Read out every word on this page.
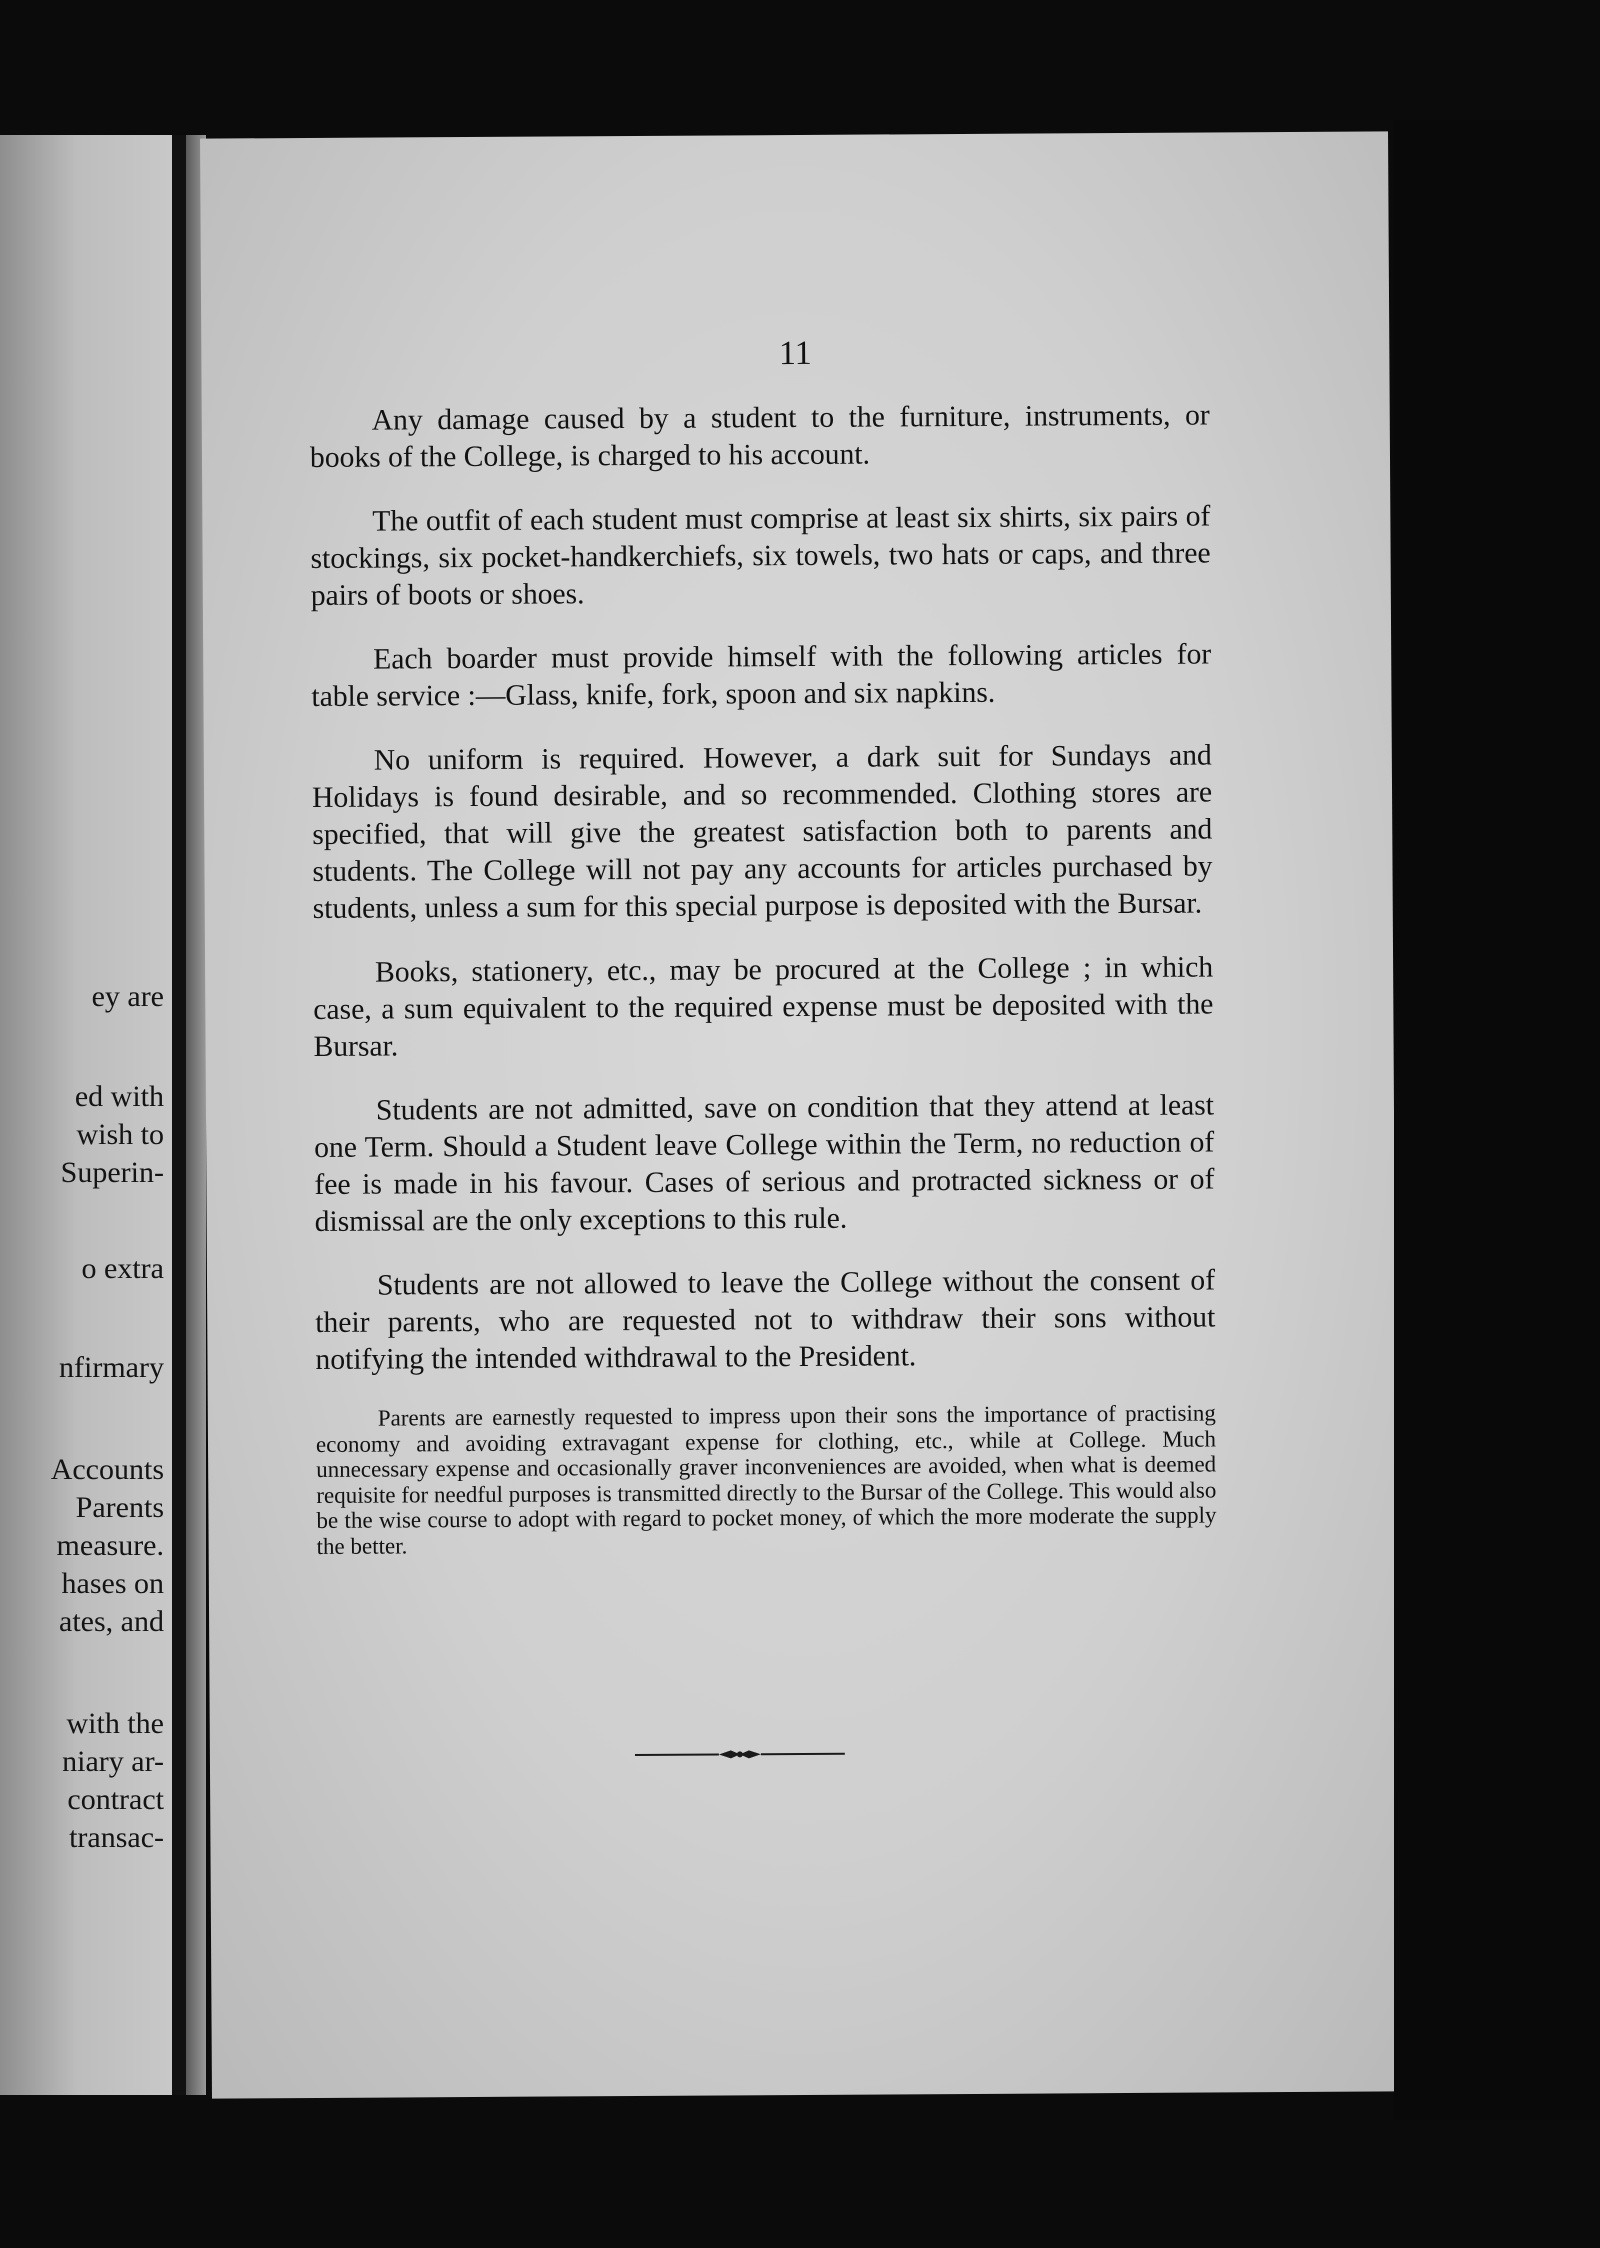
ey are
ed with
wish to
Superin-
o extra
nfirmary
Accounts
Parents
measure.
hases on
ates, and
with the
niary ar-
contract
transac-
11

Any damage caused by a student to the furniture, instruments, or books of the College, is charged to his account.

The outfit of each student must comprise at least six shirts, six pairs of stockings, six pocket-handkerchiefs, six towels, two hats or caps, and three pairs of boots or shoes.

Each boarder must provide himself with the following articles for table service :—Glass, knife, fork, spoon and six napkins.

No uniform is required. However, a dark suit for Sundays and Holidays is found desirable, and so recommended. Clothing stores are specified, that will give the greatest satisfaction both to parents and students. The College will not pay any accounts for articles purchased by students, unless a sum for this special purpose is deposited with the Bursar.

Books, stationery, etc., may be procured at the College ; in which case, a sum equivalent to the required expense must be deposited with the Bursar.

Students are not admitted, save on condition that they attend at least one Term. Should a Student leave College within the Term, no reduction of fee is made in his favour. Cases of serious and protracted sickness or of dismissal are the only exceptions to this rule.

Students are not allowed to leave the College without the consent of their parents, who are requested not to withdraw their sons without notifying the intended withdrawal to the President.

Parents are earnestly requested to impress upon their sons the importance of practising economy and avoiding extravagant expense for clothing, etc., while at College. Much unnecessary expense and occasionally graver inconveniences are avoided, when what is deemed requisite for needful purposes is transmitted directly to the Bursar of the College. This would also be the wise course to adopt with regard to pocket money, of which the more moderate the supply the better.
